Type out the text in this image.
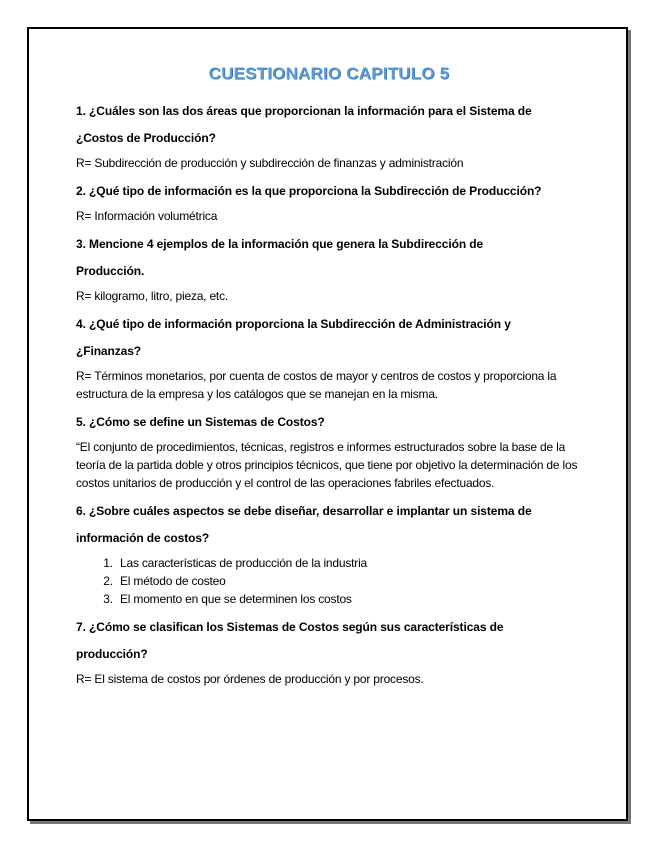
CUESTIONARIO CAPITULO 5

1. ¿Cuáles son las dos áreas que proporcionan la información para el Sistema de

¿Costos de Producción?

R= Subdirección de producción y subdirección de finanzas y administración

2. ¿Qué tipo de información es la que proporciona la Subdirección de Producción?

R= Información volumétrica

3. Mencione 4 ejemplos de la información que genera la Subdirección de

Producción.

R= kilogramo, litro, pieza, etc.

4. ¿Qué tipo de información proporciona la Subdirección de Administración y

¿Finanzas?

R= Términos monetarios, por cuenta de costos de mayor y centros de costos y proporciona la estructura de la empresa y los catálogos que se manejan en la misma.

5. ¿Cómo se define un Sistemas de Costos?

“El conjunto de procedimientos, técnicas, registros e informes estructurados sobre la base de la teoría de la partida doble y otros principios técnicos, que tiene por objetivo la determinación de los costos unitarios de producción y el control de las operaciones fabriles efectuados.

6. ¿Sobre cuáles aspectos se debe diseñar, desarrollar e implantar un sistema de

información de costos?

1. Las características de producción de la industria
2. El método de costeo
3. El momento en que se determinen los costos

7. ¿Cómo se clasifican los Sistemas de Costos según sus características de

producción?

R= El sistema de costos por órdenes de producción y por procesos.
